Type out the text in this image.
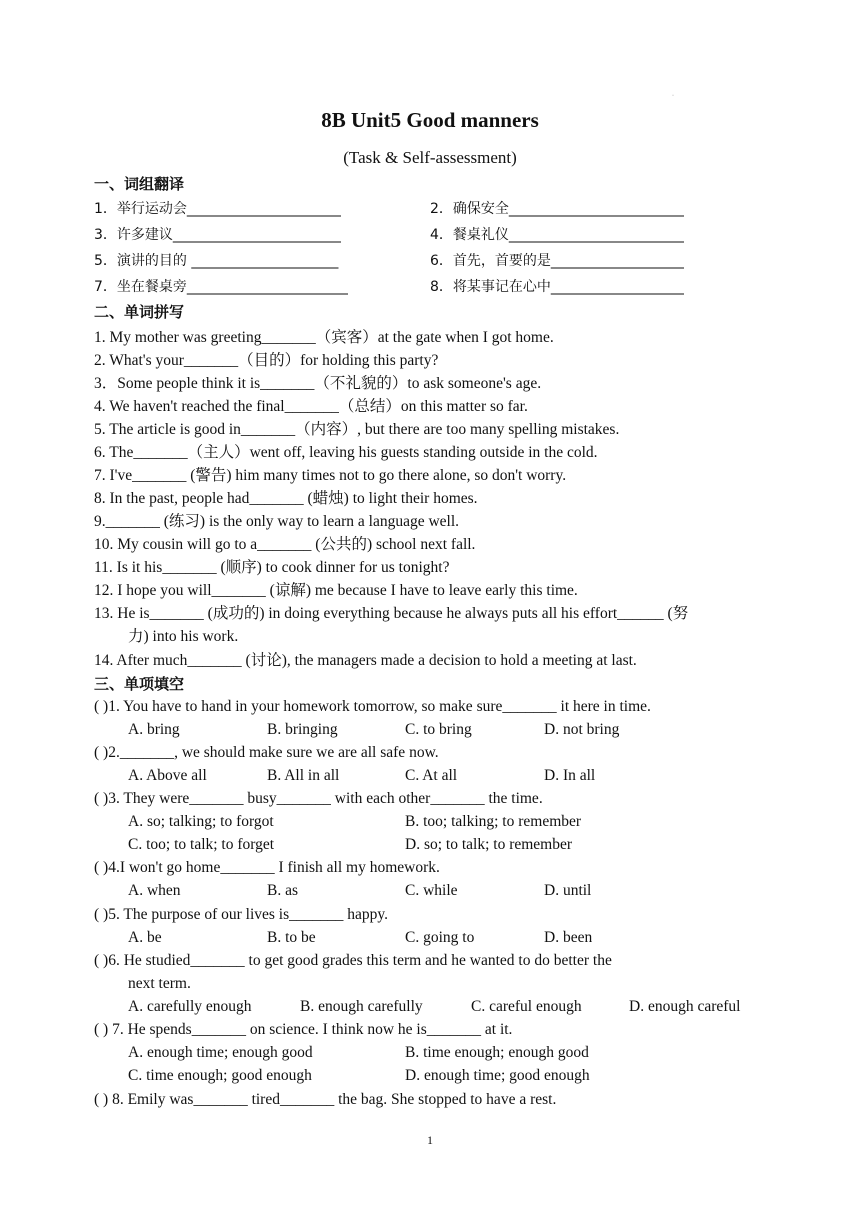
·
8B Unit5 Good manners
(Task & Self-assessment)
一、词组翻译
1．举行运动会______________________	2．确保安全_________________________
3．许多建议________________________	4．餐桌礼仪_________________________
5．演讲的目的 _____________________	6．首先，首要的是___________________
7．坐在餐桌旁_______________________	8．将某事记在心中___________________
二、单词拼写
1. My mother was greeting_______（宾客）at the gate when I got home.
2. What's your_______（目的）for holding this party?
3．Some people think it is_______（不礼貌的）to ask someone's age.
4. We haven't reached the final_______（总结）on this matter so far.
5. The article is good in_______（内容）, but there are too many spelling mistakes.
6. The_______（主人）went off, leaving his guests standing outside in the cold.
7. I've_______ (警告) him many times not to go there alone, so don't worry.
8. In the past, people had_______ (蜡烛) to light their homes.
9._______ (练习) is the only way to learn a language well.
10. My cousin will go to a_______ (公共的) school next fall.
11. Is it his_______ (顺序) to cook dinner for us tonight?
12. I hope you will_______ (谅解) me because I have to leave early this time.
13. He is_______ (成功的) in doing everything because he always puts all his effort______ (努
力) into his work.
14. After much_______ (讨论), the managers made a decision to hold a meeting at last.
三、单项填空
( )1. You have to hand in your homework tomorrow, so make sure_______ it here in time.
A. bring	B. bringing	C. to bring	D. not bring
( )2._______, we should make sure we are all safe now.
A. Above all	B. All in all	C. At all	D. In all
( )3. They were_______ busy_______ with each other_______ the time.
A. so; talking; to forgot	B. too; talking; to remember
C. too; to talk; to forget	D. so; to talk; to remember
( )4.I won't go home_______ I finish all my homework.
A. when	B. as	C. while	D. until
( )5. The purpose of our lives is_______ happy.
A. be	B. to be	C. going to	D. been
( )6. He studied_______ to get good grades this term and he wanted to do better the
next term.
A. carefully enough	B. enough carefully	C. careful enough	D. enough careful
( ) 7. He spends_______ on science. I think now he is_______ at it.
A. enough time; enough good	B. time enough; enough good
C. time enough; good enough	D. enough time; good enough
( ) 8. Emily was_______ tired_______ the bag. She stopped to have a rest.
1
